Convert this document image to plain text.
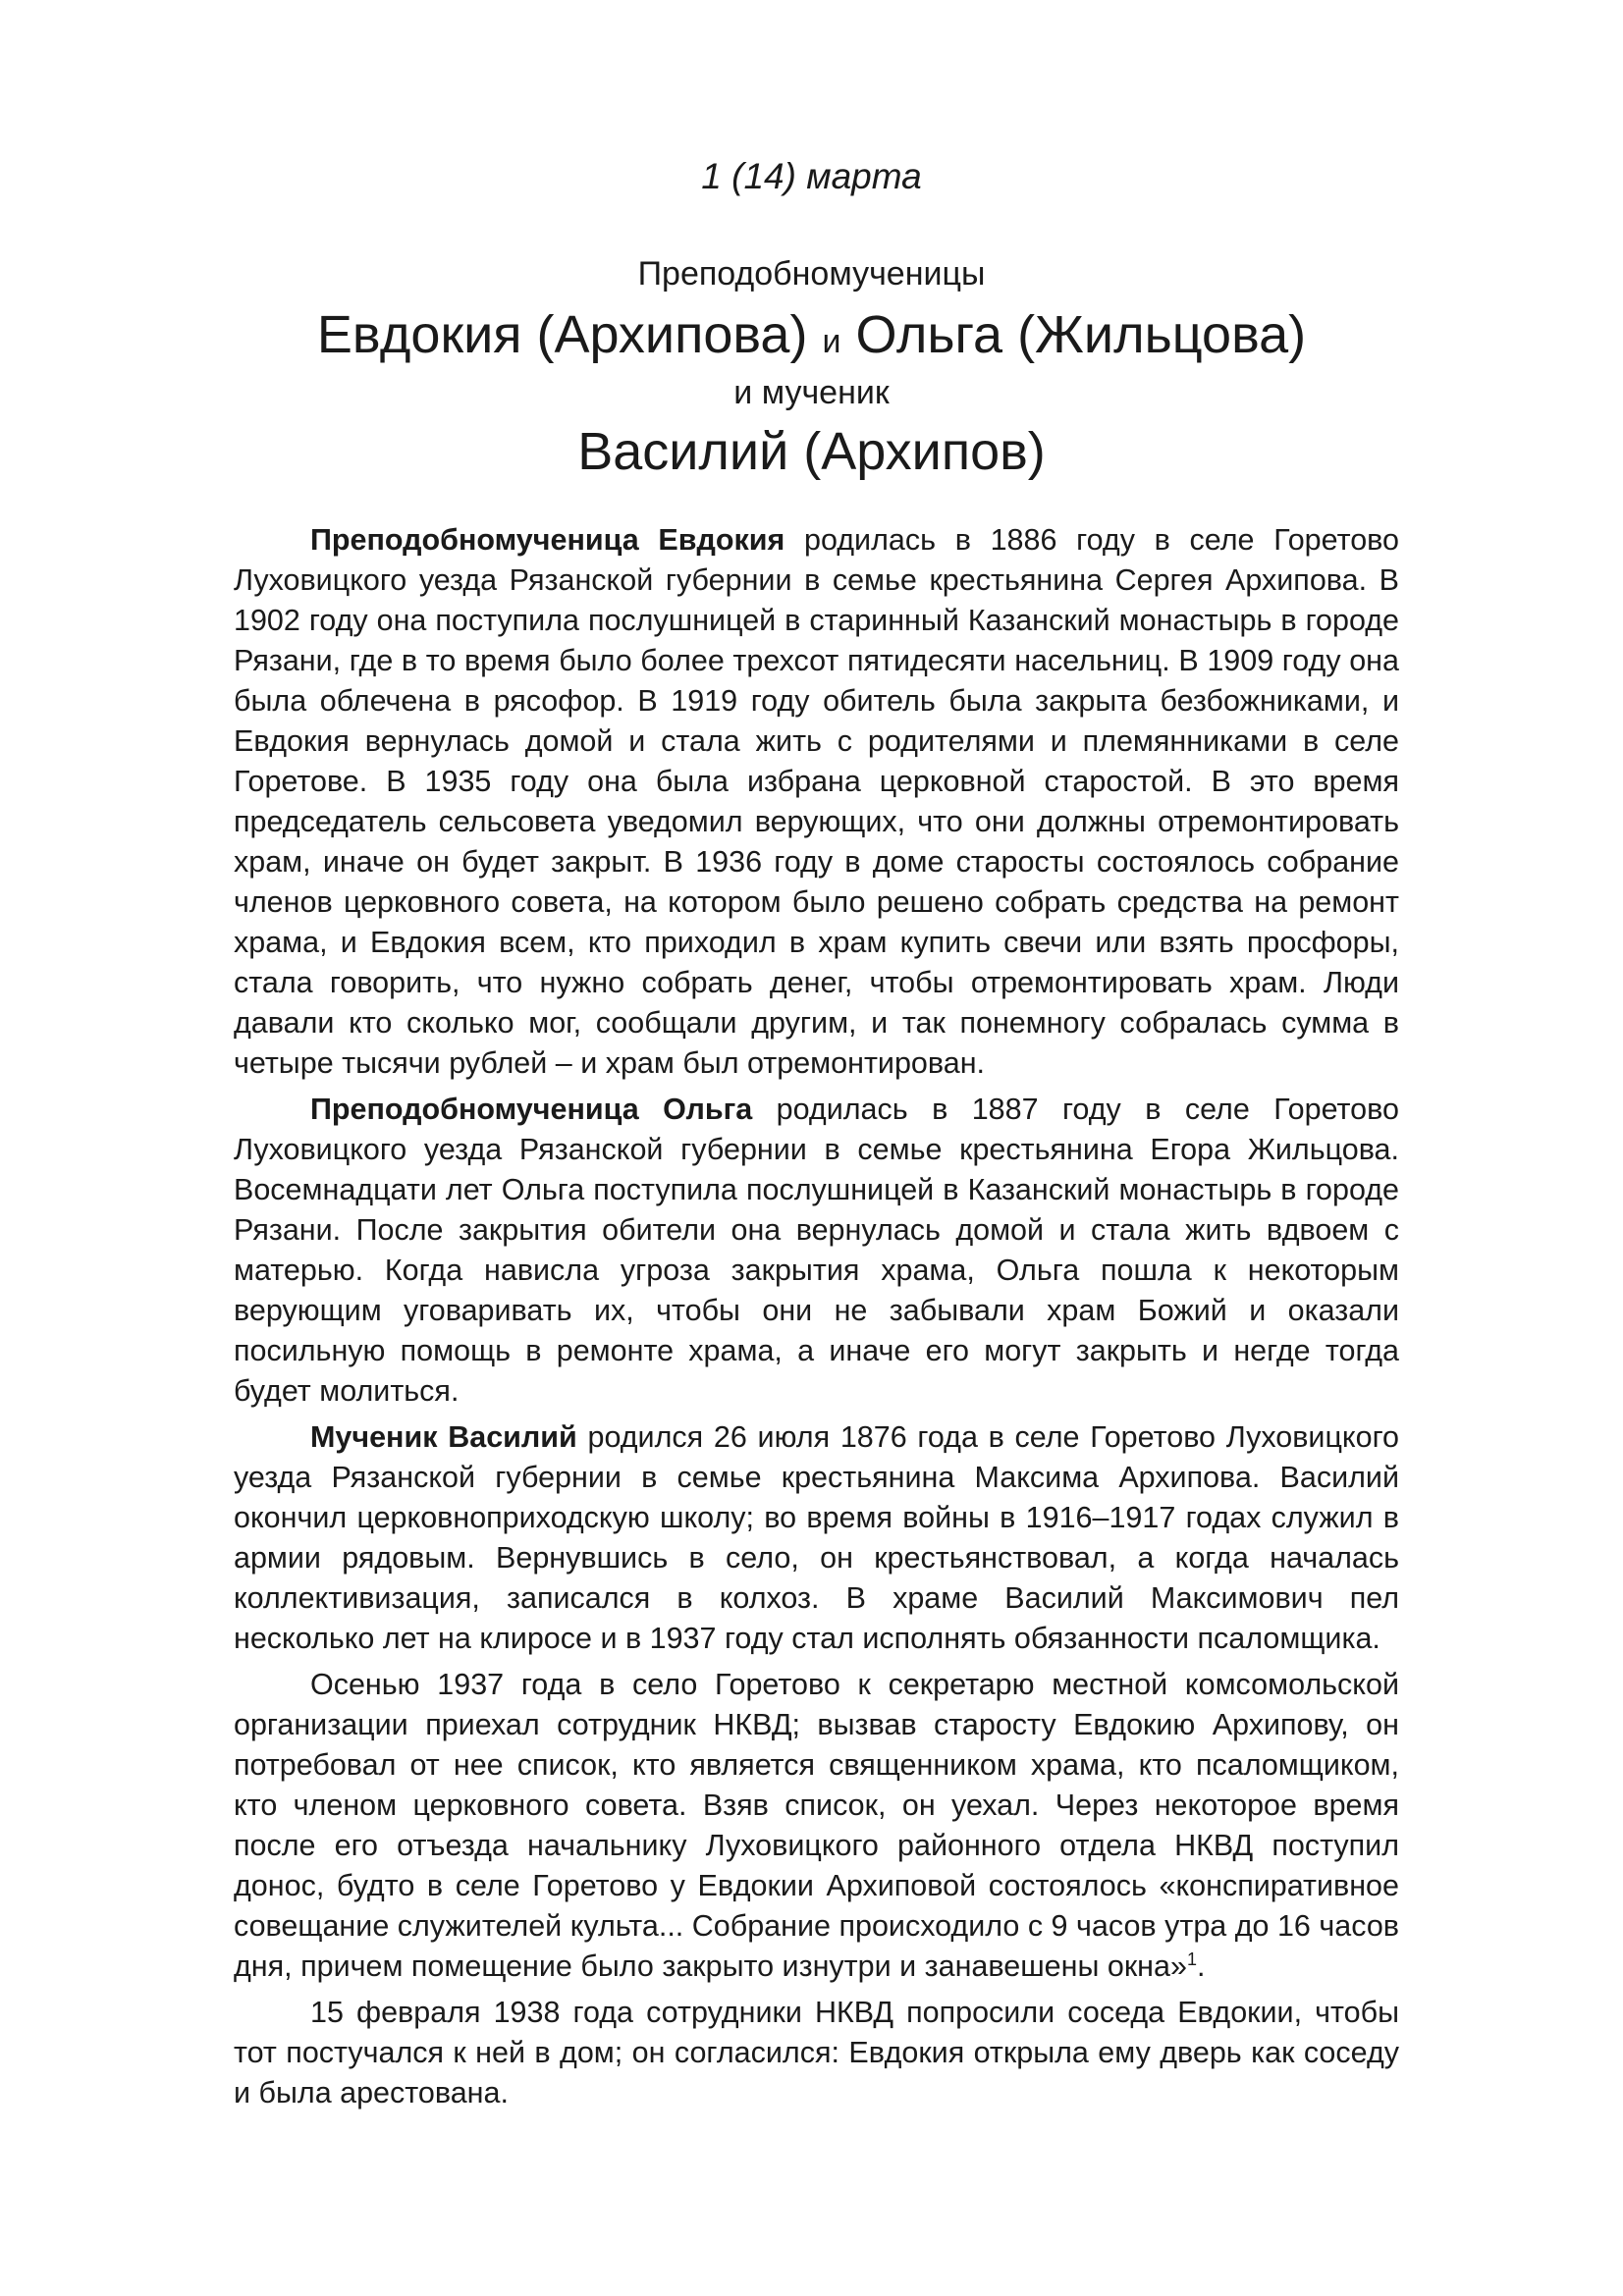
1 (14) марта
Преподобномученицы
Евдокия (Архипова) и Ольга (Жильцова)
и мученик
Василий (Архипов)

Преподобномученица Евдокия родилась в 1886 году в селе Горетово Луховицкого уезда Рязанской губернии в семье крестьянина Сергея Архипова. В 1902 году она поступила послушницей в старинный Казанский монастырь в городе Рязани, где в то время было более трехсот пятидесяти насельниц. В 1909 году она была облечена в рясофор. В 1919 году обитель была закрыта безбожниками, и Евдокия вернулась домой и стала жить с родителями и племянниками в селе Горетове. В 1935 году она была избрана церковной старостой. В это время председатель сельсовета уведомил верующих, что они должны отремонтировать храм, иначе он будет закрыт. В 1936 году в доме старосты состоялось собрание членов церковного совета, на котором было решено собрать средства на ремонт храма, и Евдокия всем, кто приходил в храм купить свечи или взять просфоры, стала говорить, что нужно собрать денег, чтобы отремонтировать храм. Люди давали кто сколько мог, сообщали другим, и так понемногу собралась сумма в четыре тысячи рублей – и храм был отремонтирован.

Преподобномученица Ольга родилась в 1887 году в селе Горетово Луховицкого уезда Рязанской губернии в семье крестьянина Егора Жильцова. Восемнадцати лет Ольга поступила послушницей в Казанский монастырь в городе Рязани. После закрытия обители она вернулась домой и стала жить вдвоем с матерью. Когда нависла угроза закрытия храма, Ольга пошла к некоторым верующим уговаривать их, чтобы они не забывали храм Божий и оказали посильную помощь в ремонте храма, а иначе его могут закрыть и негде тогда будет молиться.

Мученик Василий родился 26 июля 1876 года в селе Горетово Луховицкого уезда Рязанской губернии в семье крестьянина Максима Архипова. Василий окончил церковноприходскую школу; во время войны в 1916–1917 годах служил в армии рядовым. Вернувшись в село, он крестьянствовал, а когда началась коллективизация, записался в колхоз. В храме Василий Максимович пел несколько лет на клиросе и в 1937 году стал исполнять обязанности псаломщика.

Осенью 1937 года в село Горетово к секретарю местной комсомольской организации приехал сотрудник НКВД; вызвав старосту Евдокию Архипову, он потребовал от нее список, кто является священником храма, кто псаломщиком, кто членом церковного совета. Взяв список, он уехал. Через некоторое время после его отъезда начальнику Луховицкого районного отдела НКВД поступил донос, будто в селе Горетово у Евдокии Архиповой состоялось «конспиративное совещание служителей культа... Собрание происходило с 9 часов утра до 16 часов дня, причем помещение было закрыто изнутри и занавешены окна»$^1$.

15 февраля 1938 года сотрудники НКВД попросили соседа Евдокии, чтобы тот постучался к ней в дом; он согласился: Евдокия открыла ему дверь как соседу и была арестована.
